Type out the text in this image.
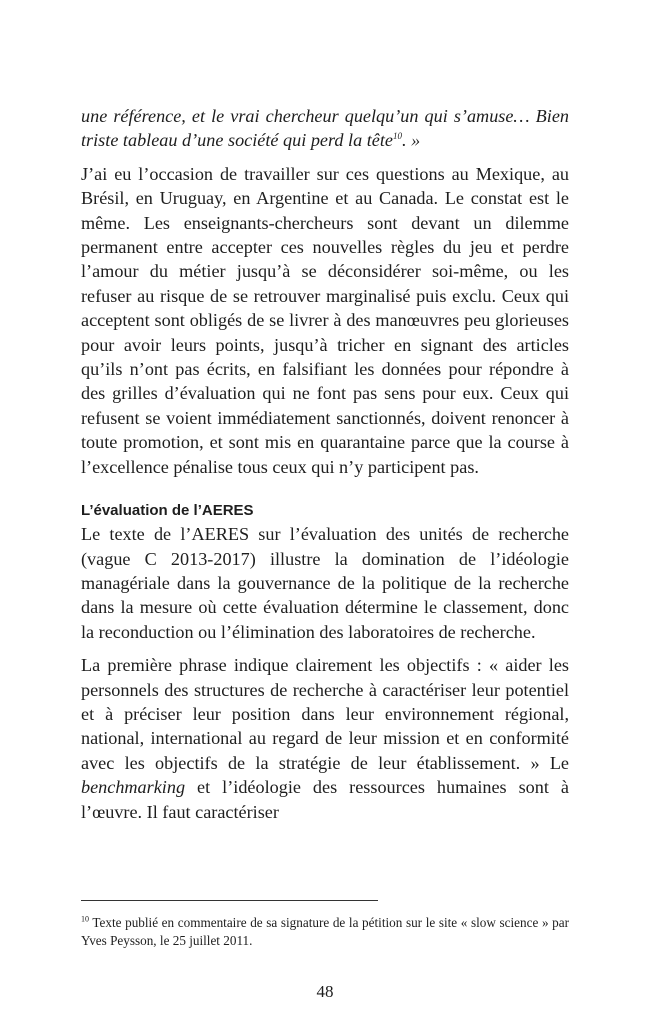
une référence, et le vrai chercheur quelqu’un qui s’amuse… Bien triste tableau d’une société qui perd la tête$^{10}$. »

J’ai eu l’occasion de travailler sur ces questions au Mexique, au Brésil, en Uruguay, en Argentine et au Canada. Le constat est le même. Les enseignants-chercheurs sont devant un dilemme permanent entre accepter ces nouvelles règles du jeu et perdre l’amour du métier jusqu’à se déconsidérer soi-même, ou les refuser au risque de se retrouver marginalisé puis exclu. Ceux qui acceptent sont obligés de se livrer à des manœuvres peu glorieuses pour avoir leurs points, jusqu’à tricher en signant des articles qu’ils n’ont pas écrits, en falsifiant les données pour répondre à des grilles d’évaluation qui ne font pas sens pour eux. Ceux qui refusent se voient immédiatement sanctionnés, doivent renoncer à toute promotion, et sont mis en quarantaine parce que la course à l’excellence pénalise tous ceux qui n’y participent pas.

L’évaluation de l’AERES

Le texte de l’AERES sur l’évaluation des unités de recherche (vague C 2013-2017) illustre la domination de l’idéologie managériale dans la gouvernance de la politique de la recherche dans la mesure où cette évaluation détermine le classement, donc la reconduction ou l’élimination des laboratoires de recherche.

La première phrase indique clairement les objectifs : « aider les personnels des structures de recherche à caractériser leur potentiel et à préciser leur position dans leur environnement régional, national, international au regard de leur mission et en conformité avec les objectifs de la stratégie de leur établissement. » Le benchmarking et l’idéologie des ressources humaines sont à l’œuvre. Il faut caractériser

$^{10}$ Texte publié en commentaire de sa signature de la pétition sur le site « slow science » par Yves Peysson, le 25 juillet 2011.
48
